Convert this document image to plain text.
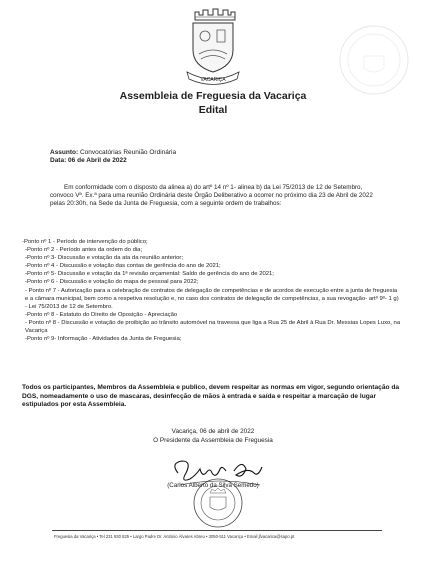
VACARIÇA
Assembleia de Freguesia da Vacariça
Edital
Assunto: Convocatórias Reunião Ordinária
Data: 06 de Abril de 2022
Em conformidade com o disposto da alinea a) do artº 14 nº 1- alinea b) da Lei 75/2013 de 12 de Setembro, convoco Vª. Ex.ª para uma reunião Ordinária deste Órgão Deliberativo a ocorrer no próximo dia 23 de Abril de 2022 pelas 20:30h, na Sede da Junta de Freguesia, com a seguinte ordem de trabalhos:
-Ponto nº 1 - Período de intervenção do público;
-Ponto nº 2 - Período antes da ordem do dia;
-Ponto nº 3- Discussão e votação da ata da reunião anterior;
-Ponto nº 4 - Discussão e votação das contas de gerência do ano de 2021;
-Ponto nº 5- Discussão e votação da 1ª revisão orçamental: Saldo de gerência do ano de 2021;
-Ponto nº 6 - Discussão e votação do mapa de pessoal para 2022;
- Ponto nº 7 - Autorização para a celebração de contratos de delegação de competências e de acordos de execução entre a junta de freguesia e a câmara municipal, bem como a respetiva resolução e, no caso dos contratos de delegação de competências, a sua revogação- artº 9º- 1 g) - Lei 75/2013 de 12 de Setembro.
-Ponto nº 8 - Estatuto do Direito de Oposição - Apreciação
- Ponto nº 8 - Discussão e votação de proibição ao trânsito automóvel na travessa que liga a Rua 25 de Abril à Rua Dr. Messias Lopes Luxo, na Vacariça
-Ponto nº 9- Informação - Atividades da Junta de Freguesia;
Todos os participantes, Membros da Assembleia e publico, devem respeitar as normas em vigor, segundo orientação da DGS, nomeadamente o uso de mascaras, desinfecção de mãos à entrada e saída e respeitar a marcação de lugar estipulados por esta Assembleia.
Vacariça, 06 de abril de 2022
O Presidente da Assembleia de Freguesia
(Carlos Alberto da Silva Semedo)
Freguesia da Vacariça • Tel 231 930 825 • Largo Padre Dr. António Álvares Abreu • 3050-511 Vacariça • Email jfvacarica@sapo.pt
